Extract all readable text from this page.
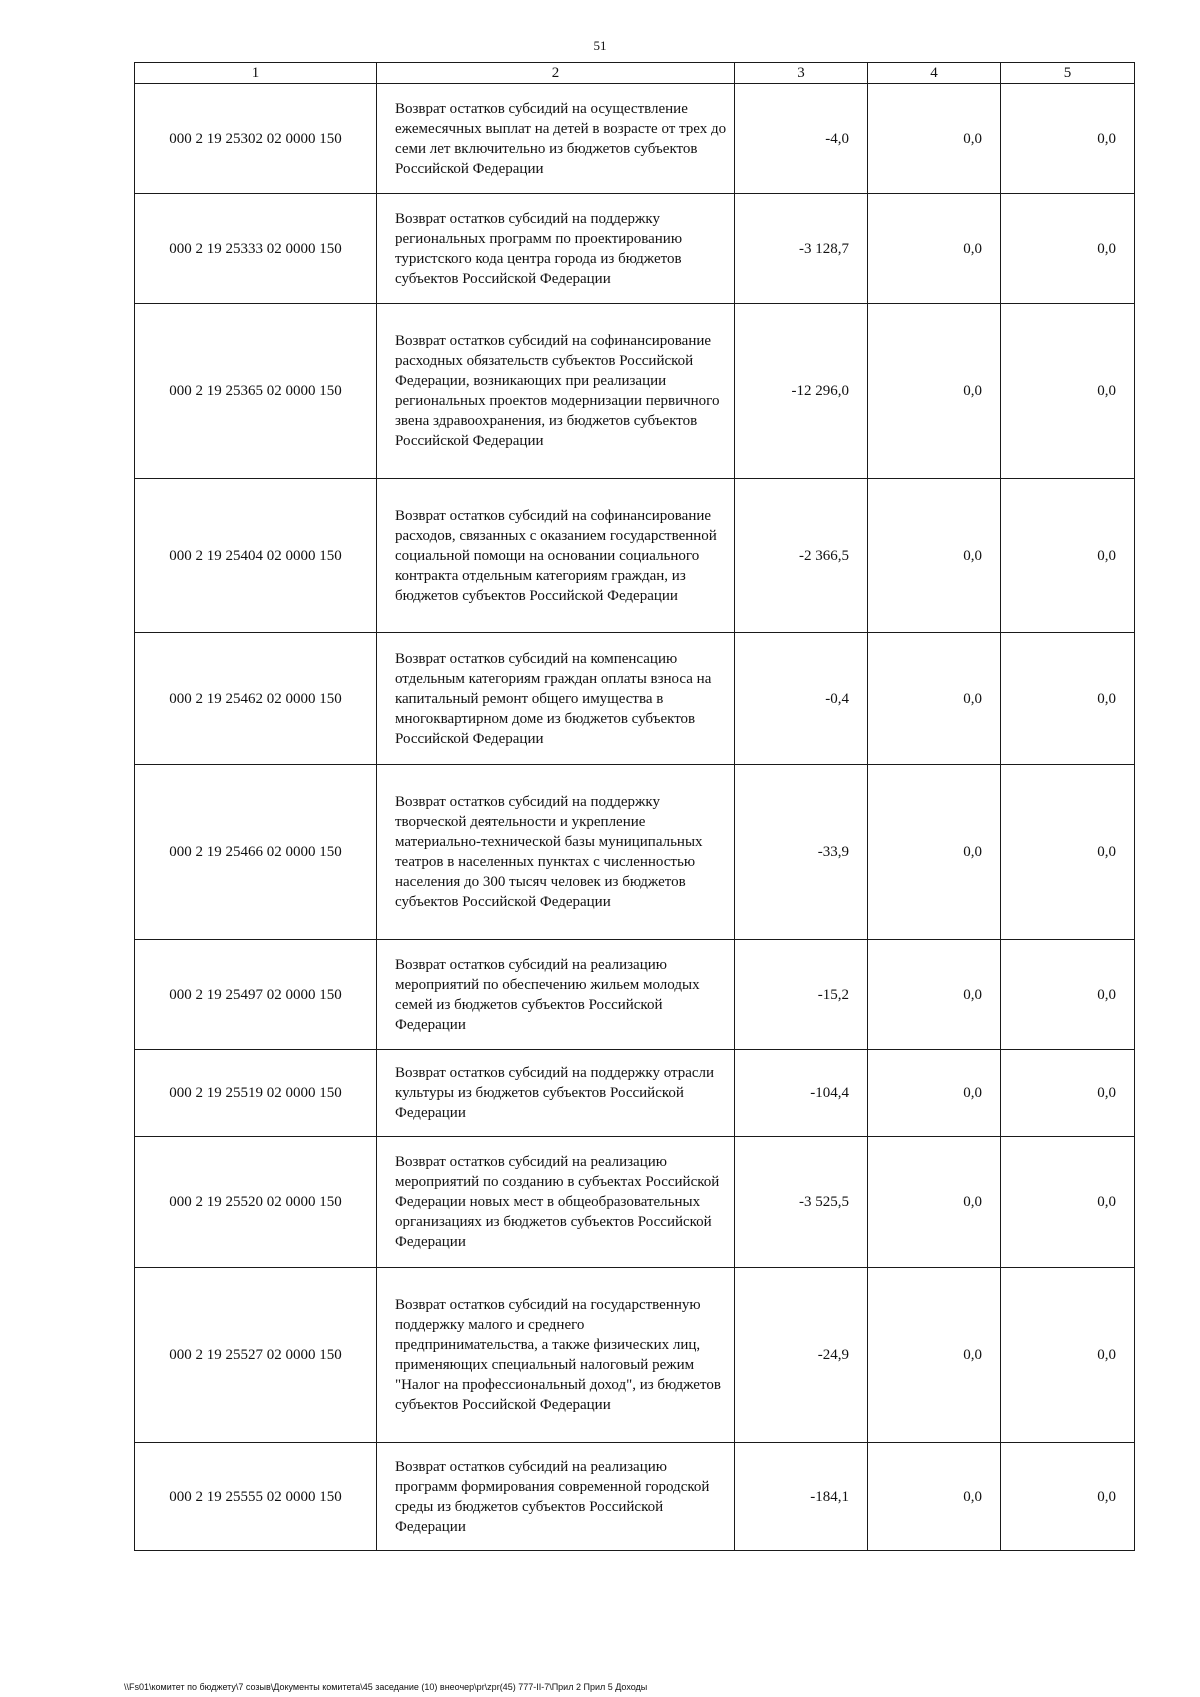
51
1	2	3	4	5
000 2 19 25302 02 0000 150	Возврат остатков субсидий на осуществление ежемесячных выплат на детей в возрасте от трех до семи лет включительно из бюджетов субъектов Российской Федерации	-4,0	0,0	0,0
000 2 19 25333 02 0000 150	Возврат остатков субсидий на поддержку региональных программ по проектированию туристского кода центра города из бюджетов субъектов Российской Федерации	-3 128,7	0,0	0,0
000 2 19 25365 02 0000 150	Возврат остатков субсидий на софинансирование расходных обязательств субъектов Российской Федерации, возникающих при реализации региональных проектов модернизации первичного звена здравоохранения, из бюджетов субъектов Российской Федерации	-12 296,0	0,0	0,0
000 2 19 25404 02 0000 150	Возврат остатков субсидий на софинансирование расходов, связанных с оказанием государственной социальной помощи на основании социального контракта отдельным категориям граждан, из бюджетов субъектов Российской Федерации	-2 366,5	0,0	0,0
000 2 19 25462 02 0000 150	Возврат остатков субсидий на компенсацию отдельным категориям граждан оплаты взноса на капитальный ремонт общего имущества в многоквартирном доме из бюджетов субъектов Российской Федерации	-0,4	0,0	0,0
000 2 19 25466 02 0000 150	Возврат остатков субсидий на поддержку творческой деятельности и укрепление материально-технической базы муниципальных театров в населенных пунктах с численностью населения до 300 тысяч человек из бюджетов субъектов Российской Федерации	-33,9	0,0	0,0
000 2 19 25497 02 0000 150	Возврат остатков субсидий на реализацию мероприятий по обеспечению жильем молодых семей из бюджетов субъектов Российской Федерации	-15,2	0,0	0,0
000 2 19 25519 02 0000 150	Возврат остатков субсидий на поддержку отрасли культуры из бюджетов субъектов Российской Федерации	-104,4	0,0	0,0
000 2 19 25520 02 0000 150	Возврат остатков субсидий на реализацию мероприятий по созданию в субъектах Российской Федерации новых мест в общеобразовательных организациях из бюджетов субъектов Российской Федерации	-3 525,5	0,0	0,0
000 2 19 25527 02 0000 150	Возврат остатков субсидий на государственную поддержку малого и среднего предпринимательства, а также физических лиц, применяющих специальный налоговый режим "Налог на профессиональный доход", из бюджетов субъектов Российской Федерации	-24,9	0,0	0,0
000 2 19 25555 02 0000 150	Возврат остатков субсидий на реализацию программ формирования современной городской среды из бюджетов субъектов Российской Федерации	-184,1	0,0	0,0
\\Fs01\комитет по бюджету\7 созыв\Документы комитета\45 заседание (10) внеочер\pr\zpr(45) 777-II-7\Прил 2 Прил 5 Доходы
